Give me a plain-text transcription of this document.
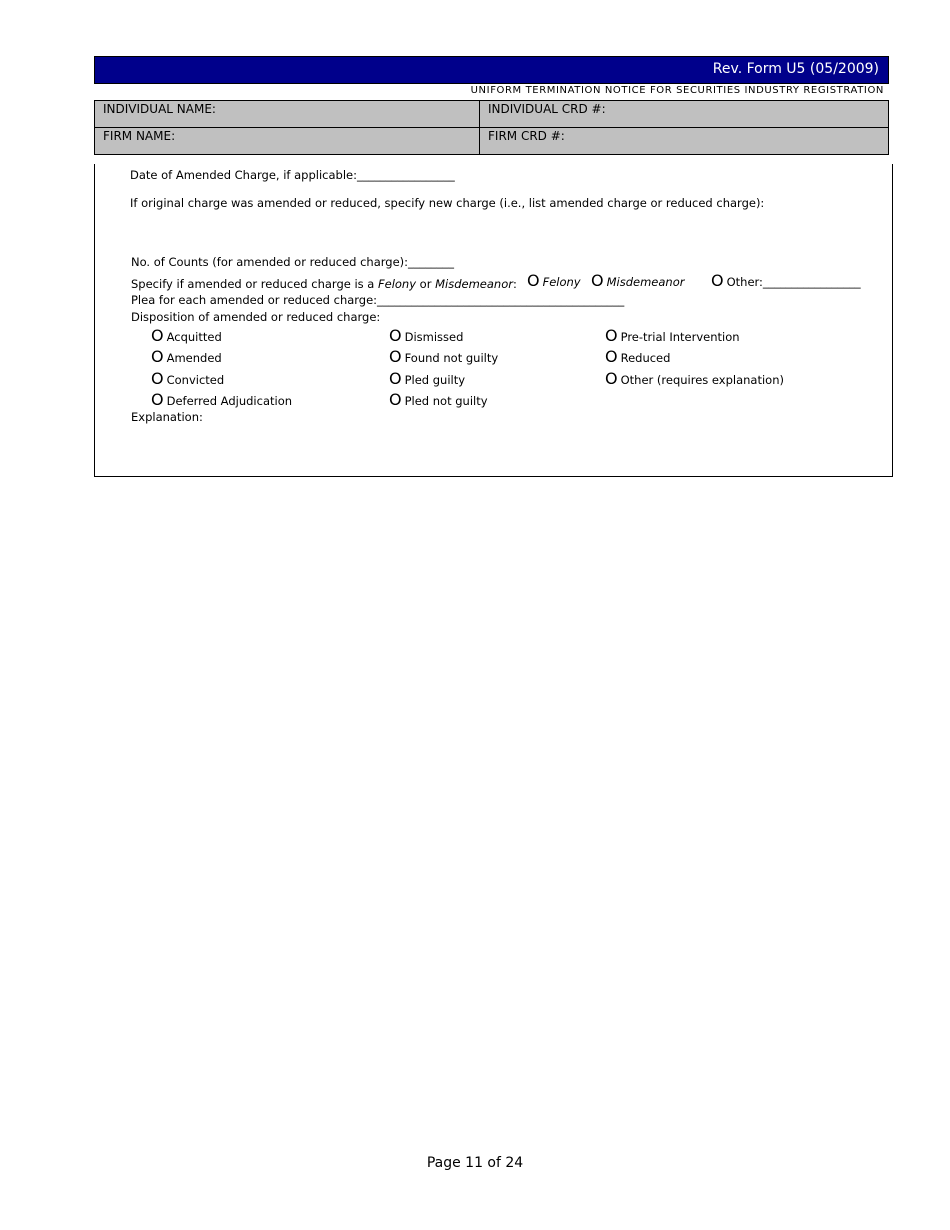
Rev. Form U5 (05/2009)
UNIFORM TERMINATION NOTICE FOR SECURITIES INDUSTRY REGISTRATION
INDIVIDUAL NAME:	INDIVIDUAL CRD #:
FIRM NAME:	FIRM CRD #:
Date of Amended Charge, if applicable:_________________
If original charge was amended or reduced, specify new charge (i.e., list amended charge or reduced charge):
No. of Counts (for amended or reduced charge):________
Specify if amended or reduced charge is a Felony or Misdemeanor: O Felony O Misdemeanor O Other:_________________
Plea for each amended or reduced charge:___________________________________________
Disposition of amended or reduced charge:
O Acquitted
O Amended
O Convicted
O Deferred Adjudication
O Dismissed
O Found not guilty
O Pled guilty
O Pled not guilty
O Pre-trial Intervention
O Reduced
O Other (requires explanation)
Explanation:
Page 11 of 24
